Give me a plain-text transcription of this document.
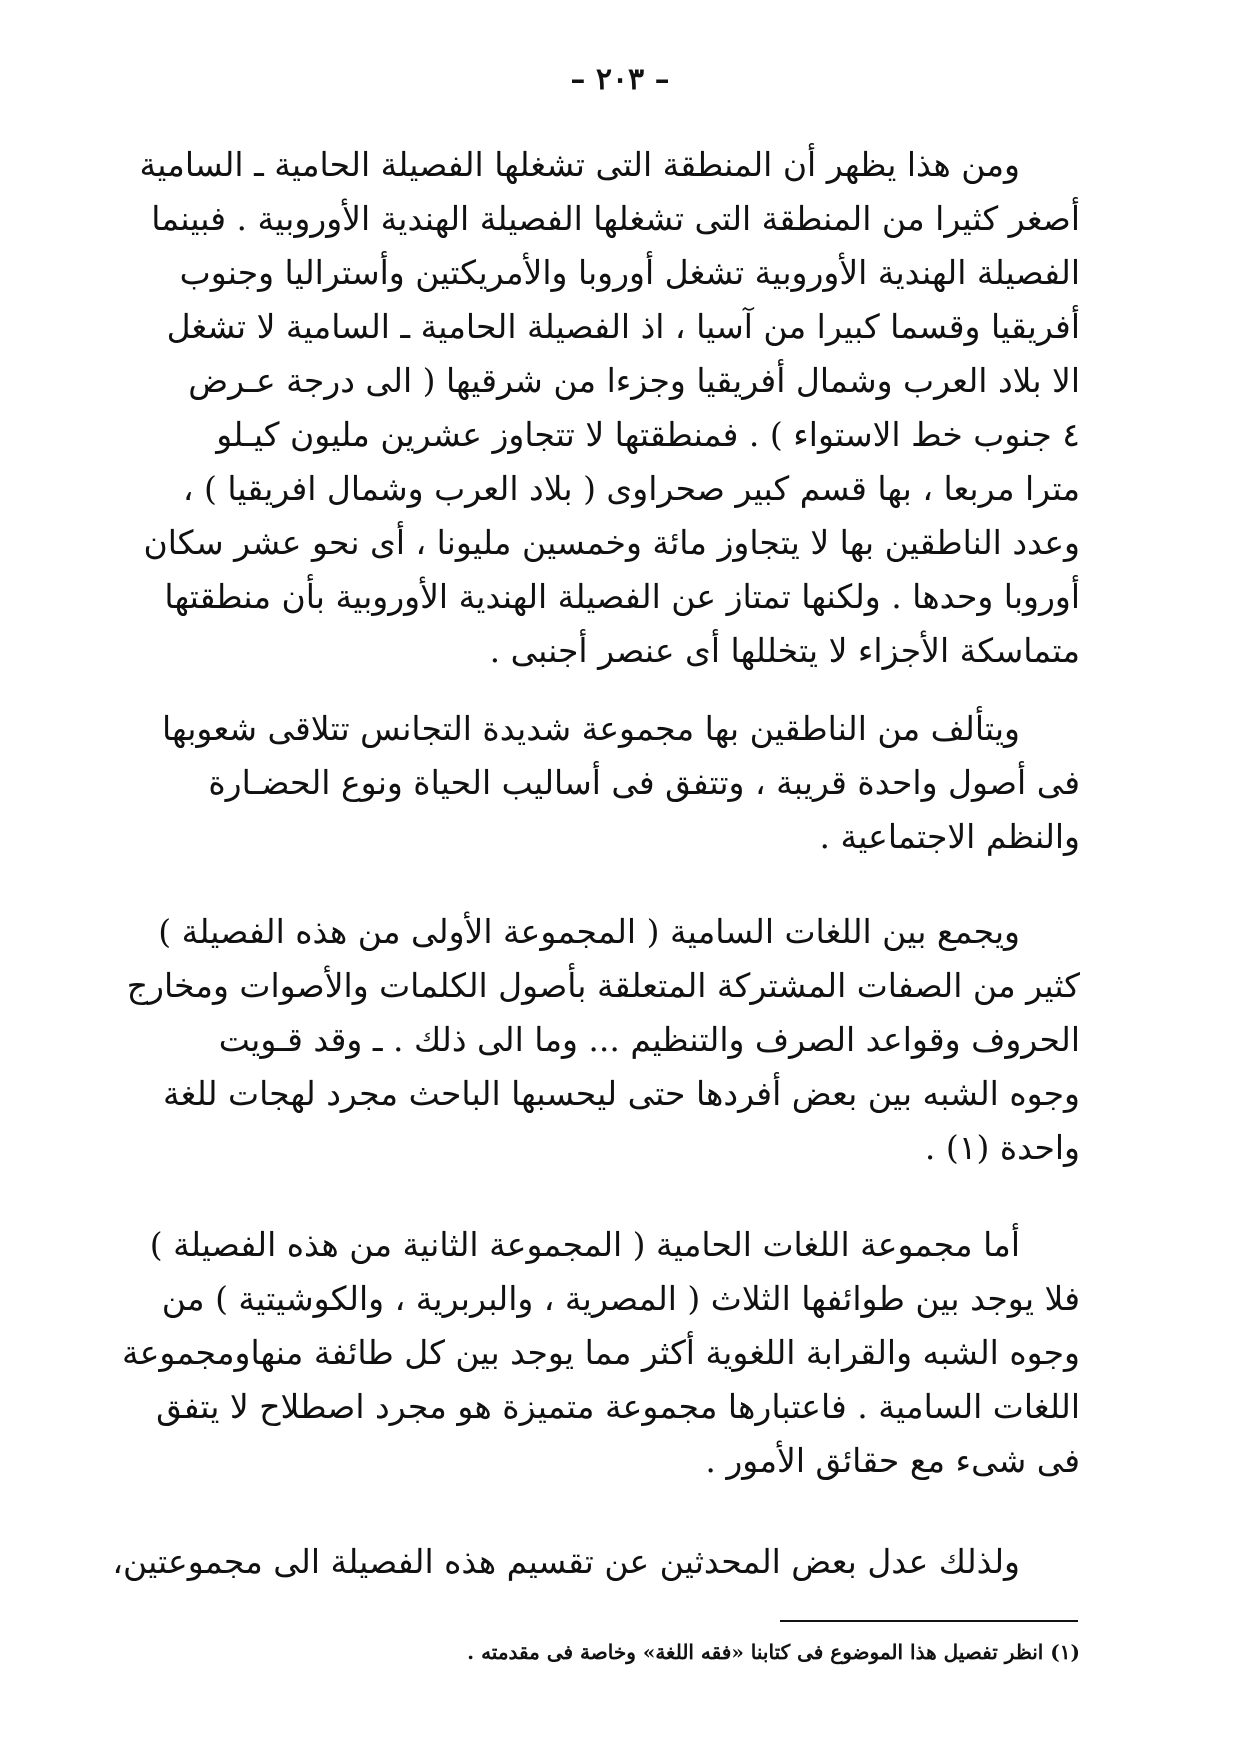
– ٢٠٣ –
ومن هذا يظهر أن المنطقة التى تشغلها الفصيلة الحامية ـ السامية
أصغر كثيرا من المنطقة التى تشغلها الفصيلة الهندية الأوروبية . فبينما
الفصيلة الهندية الأوروبية تشغل أوروبا والأمريكتين وأستراليا وجنوب
أفريقيا وقسما كبيرا من آسيا ، اذ الفصيلة الحامية ـ السامية لا تشغل
الا بلاد العرب وشمال أفريقيا وجزءا من شرقيها ( الى درجة عـرض
٤ جنوب خط الاستواء ) . فمنطقتها لا تتجاوز عشرين مليون كيـلو
مترا مربعا ، بها قسم كبير صحراوى ( بلاد العرب وشمال افريقيا ) ،
وعدد الناطقين بها لا يتجاوز مائة وخمسين مليونا ، أى نحو عشر سكان
أوروبا وحدها . ولكنها تمتاز عن الفصيلة الهندية الأوروبية بأن منطقتها
متماسكة الأجزاء لا يتخللها أى عنصر أجنبى .
ويتألف من الناطقين بها مجموعة شديدة التجانس تتلاقى شعوبها
فى أصول واحدة قريبة ، وتتفق فى أساليب الحياة ونوع الحضـارة
والنظم الاجتماعية .
ويجمع بين اللغات السامية ( المجموعة الأولى من هذه الفصيلة )
كثير من الصفات المشتركة المتعلقة بأصول الكلمات والأصوات ومخارج
الحروف وقواعد الصرف والتنظيم ... وما الى ذلك . ـ وقد قـويت
وجوه الشبه بين بعض أفردها حتى ليحسبها الباحث مجرد لهجات للغة
واحدة (١) .
أما مجموعة اللغات الحامية ( المجموعة الثانية من هذه الفصيلة )
فلا يوجد بين طوائفها الثلاث ( المصرية ، والبربرية ، والكوشيتية ) من
وجوه الشبه والقرابة اللغوية أكثر مما يوجد بين كل طائفة منهاومجموعة
اللغات السامية . فاعتبارها مجموعة متميزة هو مجرد اصطلاح لا يتفق
فى شىء مع حقائق الأمور .
ولذلك عدل بعض المحدثين عن تقسيم هذه الفصيلة الى مجموعتين،
(١) انظر تفصيل هذا الموضوع فى كتابنا «فقه اللغة» وخاصة فى مقدمته .
